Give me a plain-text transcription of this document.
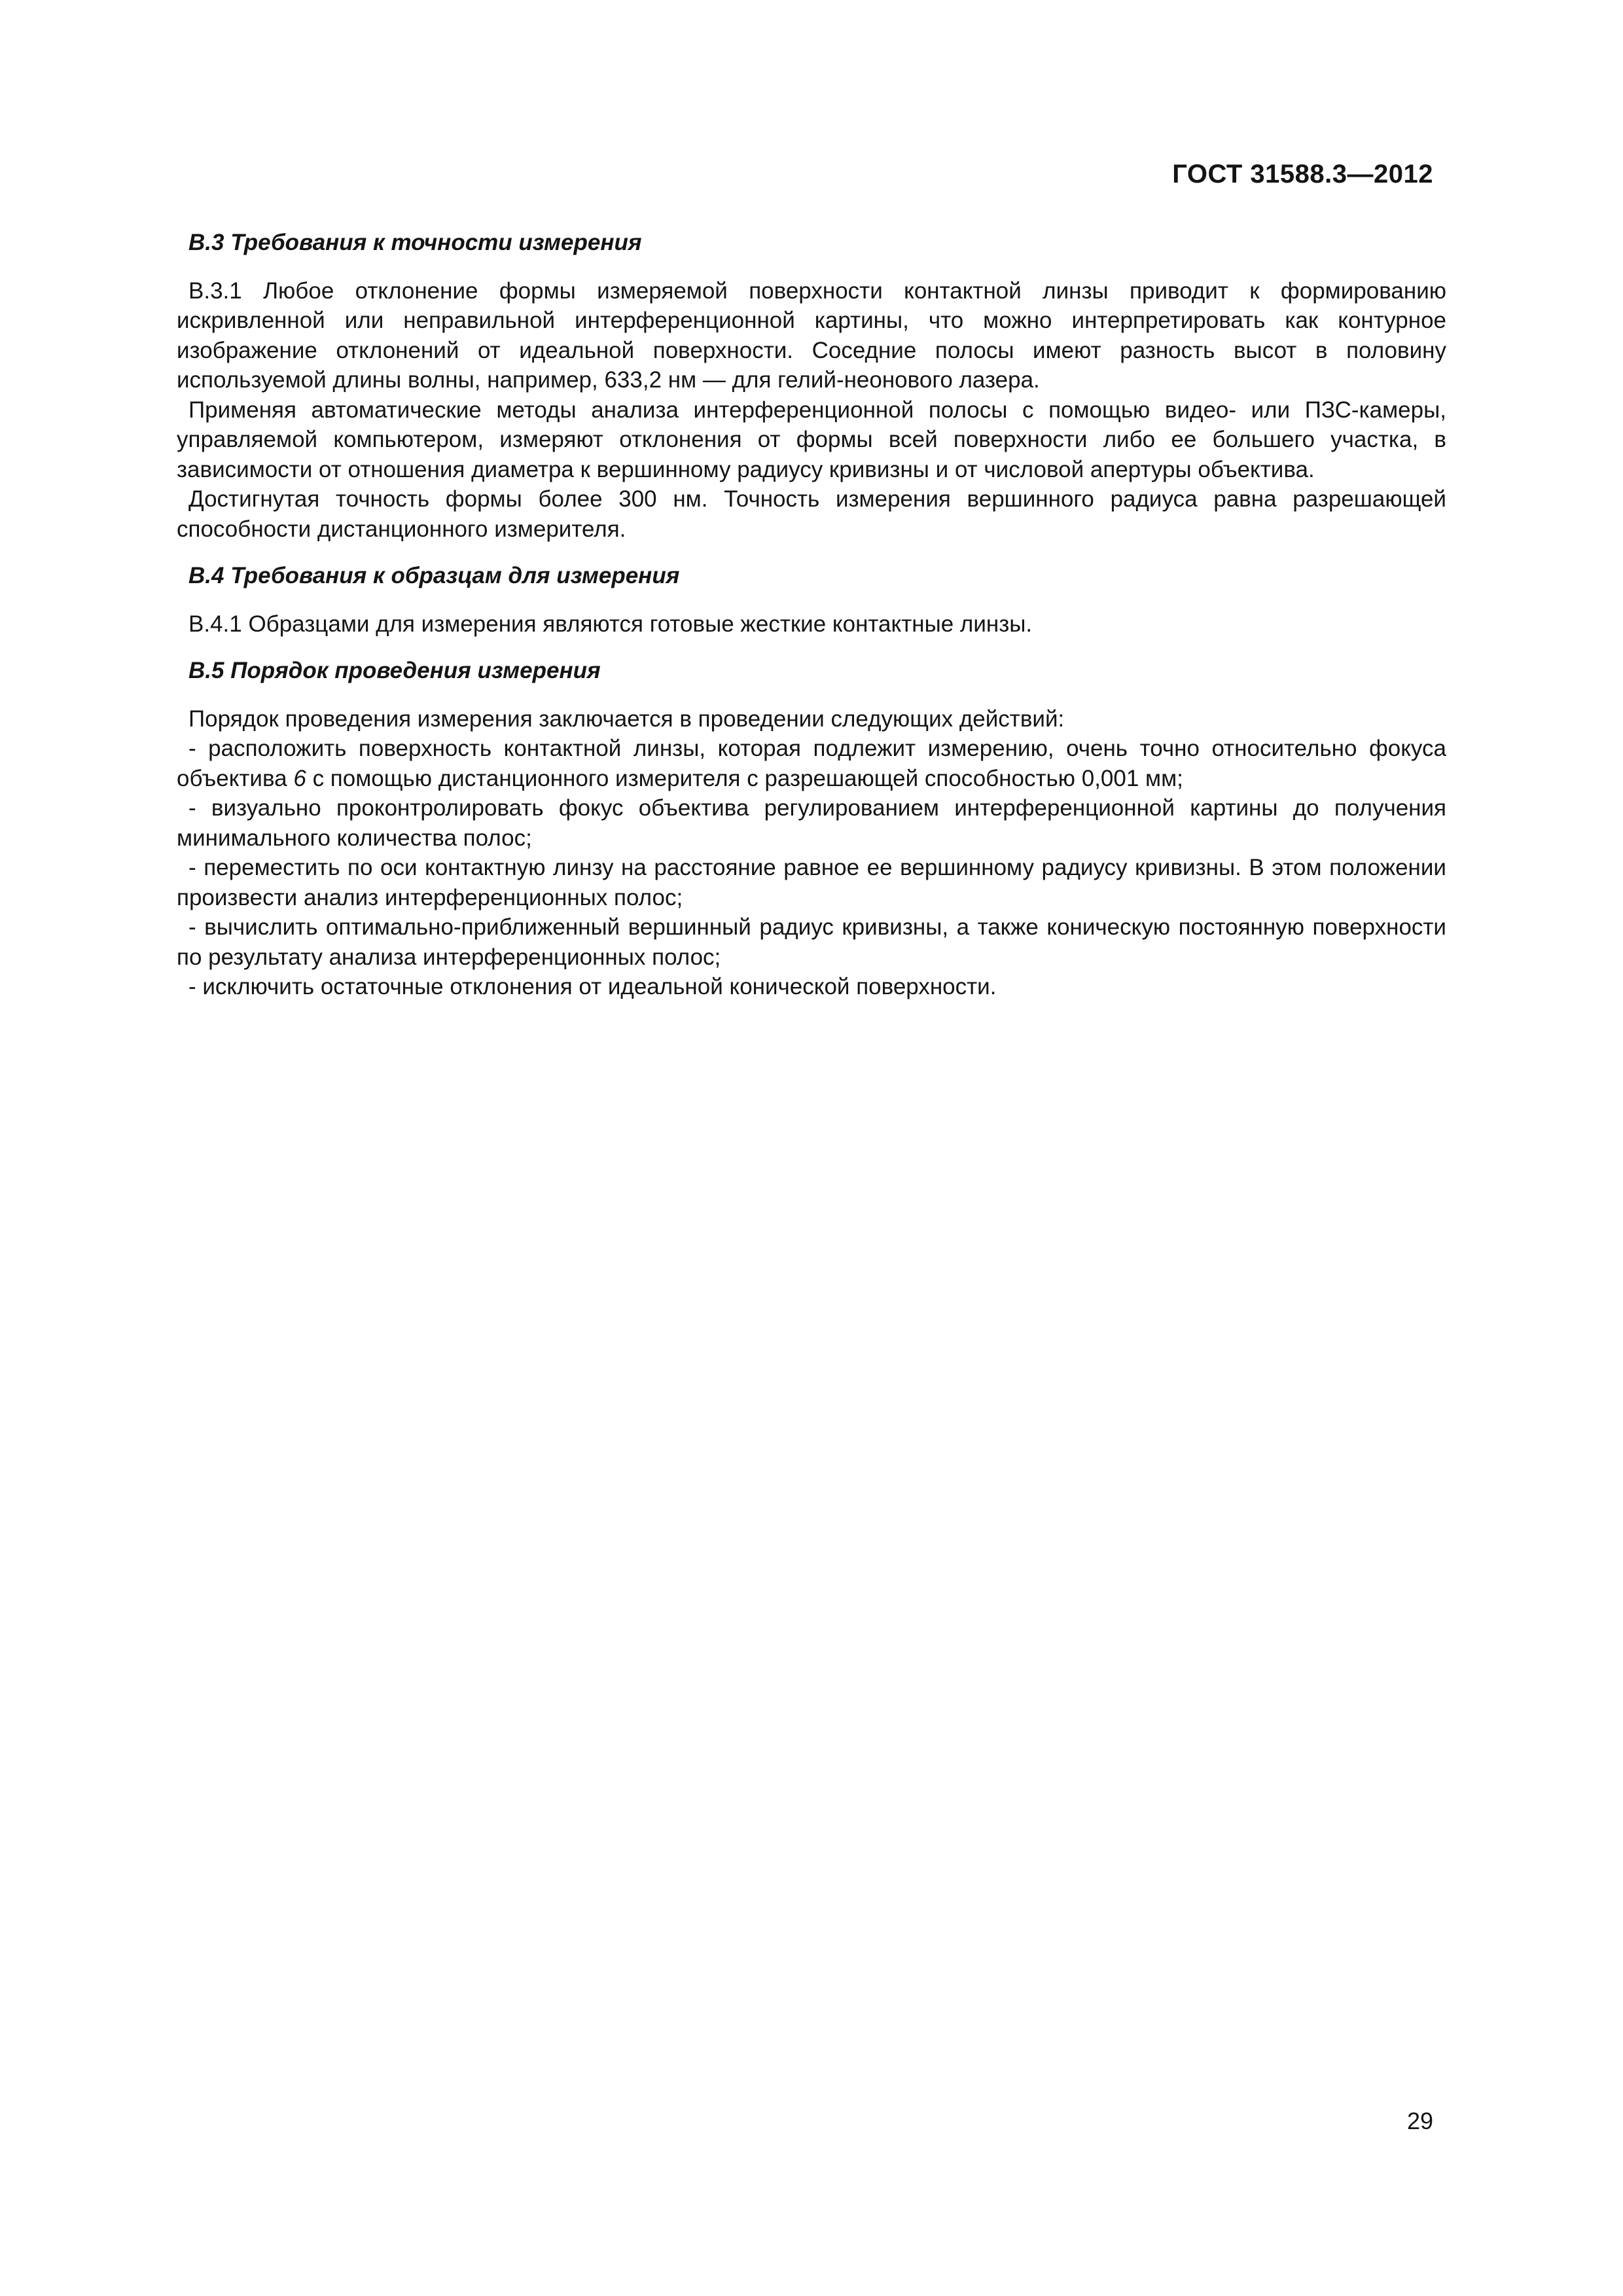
ГОСТ 31588.3—2012

В.3 Требования к точности измерения

В.3.1 Любое отклонение формы измеряемой поверхности контактной линзы приводит к формированию искривленной или неправильной интерференционной картины, что можно интерпретировать как контурное изображение отклонений от идеальной поверхности. Соседние полосы имеют разность высот в половину используемой длины волны, например, 633,2 нм — для гелий-неонового лазера.

Применяя автоматические методы анализа интерференционной полосы с помощью видео- или ПЗС-камеры, управляемой компьютером, измеряют отклонения от формы всей поверхности либо ее большего участка, в зависимости от отношения диаметра к вершинному радиусу кривизны и от числовой апертуры объектива.

Достигнутая точность формы более 300 нм. Точность измерения вершинного радиуса равна разрешающей способности дистанционного измерителя.

В.4 Требования к образцам для измерения

В.4.1 Образцами для измерения являются готовые жесткие контактные линзы.

В.5 Порядок проведения измерения

Порядок проведения измерения заключается в проведении следующих действий:

- расположить поверхность контактной линзы, которая подлежит измерению, очень точно относительно фокуса объектива 6 с помощью дистанционного измерителя с разрешающей способностью 0,001 мм;

- визуально проконтролировать фокус объектива регулированием интерференционной картины до получения минимального количества полос;

- переместить по оси контактную линзу на расстояние равное ее вершинному радиусу кривизны. В этом положении произвести анализ интерференционных полос;

- вычислить оптимально-приближенный вершинный радиус кривизны, а также коническую постоянную поверхности по результату анализа интерференционных полос;

- исключить остаточные отклонения от идеальной конической поверхности.

29
